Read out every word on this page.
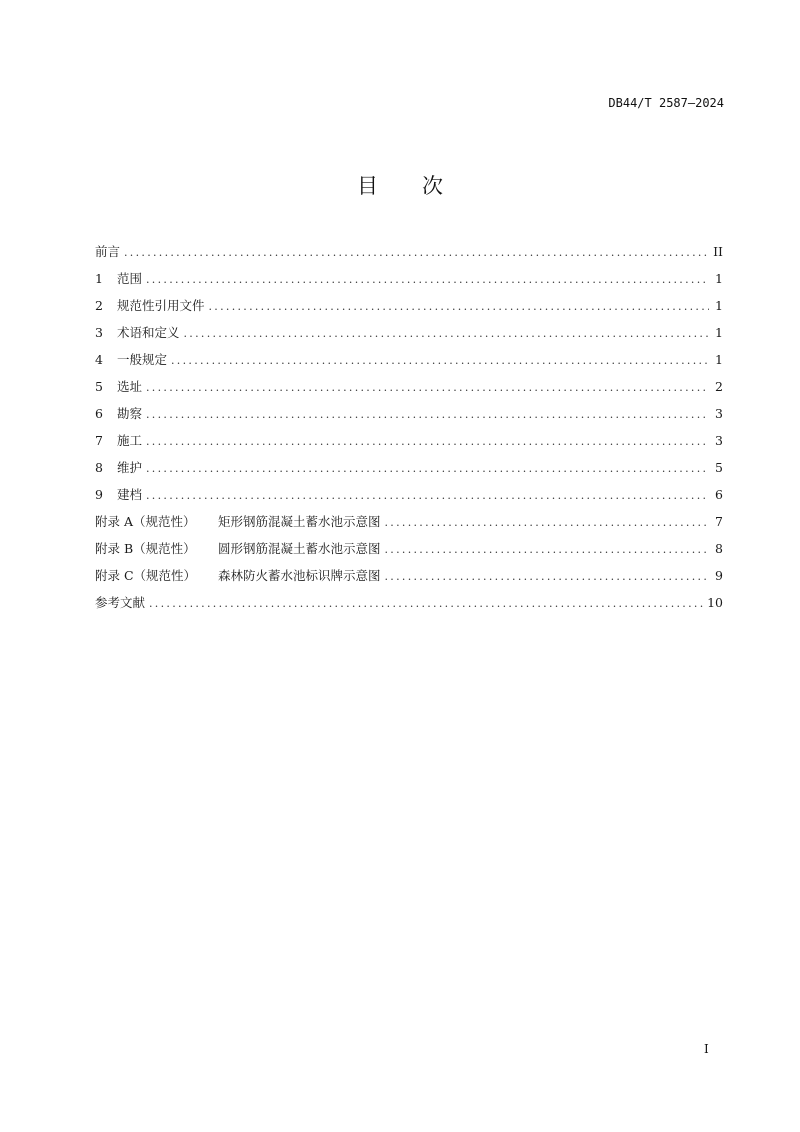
DB44/T 2587—2024
目 次
前言 .....	II
1	范围 .....	1
2	规范性引用文件 .....	1
3	术语和定义 .....	1
4	一般规定 .....	1
5	选址 .....	2
6	勘察 .....	3
7	施工 .....	3
8	维护 .....	5
9	建档 .....	6
附录 A（规范性）	矩形钢筋混凝土蓄水池示意图 .....	7
附录 B（规范性）	圆形钢筋混凝土蓄水池示意图 .....	8
附录 C（规范性）	森林防火蓄水池标识牌示意图 .....	9
参考文献 .....	10
I
